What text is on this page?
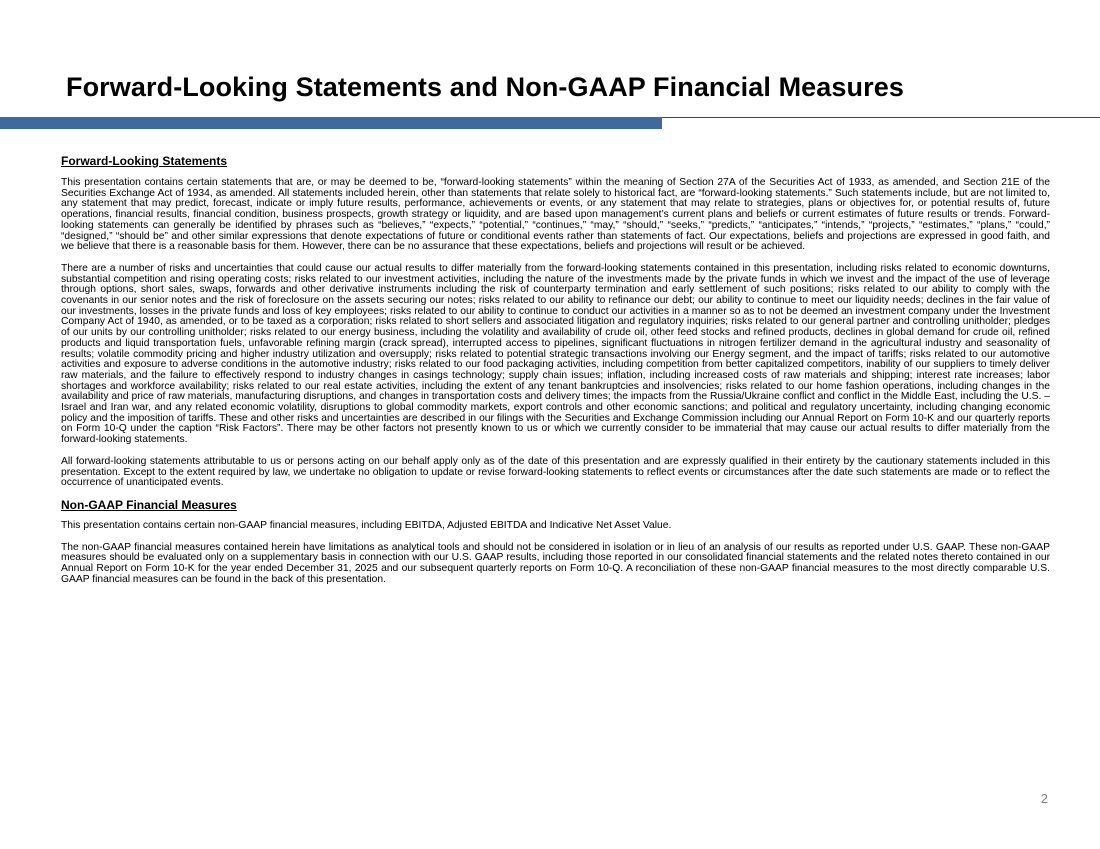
Forward-Looking Statements and Non-GAAP Financial Measures
Forward-Looking Statements

This presentation contains certain statements that are, or may be deemed to be, “forward-looking statements” within the meaning of Section 27A of the Securities Act of 1933, as amended, and Section 21E of the Securities Exchange Act of 1934, as amended. All statements included herein, other than statements that relate solely to historical fact, are “forward-looking statements.” Such statements include, but are not limited to, any statement that may predict, forecast, indicate or imply future results, performance, achievements or events, or any statement that may relate to strategies, plans or objectives for, or potential results of, future operations, financial results, financial condition, business prospects, growth strategy or liquidity, and are based upon management’s current plans and beliefs or current estimates of future results or trends. Forward-looking statements can generally be identified by phrases such as “believes,” “expects,” “potential,” “continues,” “may,” “should,” “seeks,” “predicts,” “anticipates,” “intends,” “projects,” “estimates,” “plans,” “could,” “designed,” “should be” and other similar expressions that denote expectations of future or conditional events rather than statements of fact. Our expectations, beliefs and projections are expressed in good faith, and we believe that there is a reasonable basis for them. However, there can be no assurance that these expectations, beliefs and projections will result or be achieved.

There are a number of risks and uncertainties that could cause our actual results to differ materially from the forward-looking statements contained in this presentation, including risks related to economic downturns, substantial competition and rising operating costs; risks related to our investment activities, including the nature of the investments made by the private funds in which we invest and the impact of the use of leverage through options, short sales, swaps, forwards and other derivative instruments including the risk of counterparty termination and early settlement of such positions; risks related to our ability to comply with the covenants in our senior notes and the risk of foreclosure on the assets securing our notes; risks related to our ability to refinance our debt; our ability to continue to meet our liquidity needs; declines in the fair value of our investments, losses in the private funds and loss of key employees; risks related to our ability to continue to conduct our activities in a manner so as to not be deemed an investment company under the Investment Company Act of 1940, as amended, or to be taxed as a corporation; risks related to short sellers and associated litigation and regulatory inquiries; risks related to our general partner and controlling unitholder; pledges of our units by our controlling unitholder; risks related to our energy business, including the volatility and availability of crude oil, other feed stocks and refined products, declines in global demand for crude oil, refined products and liquid transportation fuels, unfavorable refining margin (crack spread), interrupted access to pipelines, significant fluctuations in nitrogen fertilizer demand in the agricultural industry and seasonality of results; volatile commodity pricing and higher industry utilization and oversupply; risks related to potential strategic transactions involving our Energy segment, and the impact of tariffs; risks related to our automotive activities and exposure to adverse conditions in the automotive industry; risks related to our food packaging activities, including competition from better capitalized competitors, inability of our suppliers to timely deliver raw materials, and the failure to effectively respond to industry changes in casings technology; supply chain issues; inflation, including increased costs of raw materials and shipping; interest rate increases; labor shortages and workforce availability; risks related to our real estate activities, including the extent of any tenant bankruptcies and insolvencies; risks related to our home fashion operations, including changes in the availability and price of raw materials, manufacturing disruptions, and changes in transportation costs and delivery times; the impacts from the Russia/Ukraine conflict and conflict in the Middle East, including the U.S. – Israel and Iran war, and any related economic volatility, disruptions to global commodity markets, export controls and other economic sanctions; and political and regulatory uncertainty, including changing economic policy and the imposition of tariffs. These and other risks and uncertainties are described in our filings with the Securities and Exchange Commission including our Annual Report on Form 10-K and our quarterly reports on Form 10-Q under the caption “Risk Factors”. There may be other factors not presently known to us or which we currently consider to be immaterial that may cause our actual results to differ materially from the forward-looking statements.

All forward-looking statements attributable to us or persons acting on our behalf apply only as of the date of this presentation and are expressly qualified in their entirety by the cautionary statements included in this presentation. Except to the extent required by law, we undertake no obligation to update or revise forward-looking statements to reflect events or circumstances after the date such statements are made or to reflect the occurrence of unanticipated events.

Non-GAAP Financial Measures

This presentation contains certain non-GAAP financial measures, including EBITDA, Adjusted EBITDA and Indicative Net Asset Value.

The non-GAAP financial measures contained herein have limitations as analytical tools and should not be considered in isolation or in lieu of an analysis of our results as reported under U.S. GAAP. These non-GAAP measures should be evaluated only on a supplementary basis in connection with our U.S. GAAP results, including those reported in our consolidated financial statements and the related notes thereto contained in our Annual Report on Form 10-K for the year ended December 31, 2025 and our subsequent quarterly reports on Form 10-Q. A reconciliation of these non-GAAP financial measures to the most directly comparable U.S. GAAP financial measures can be found in the back of this presentation.

2
